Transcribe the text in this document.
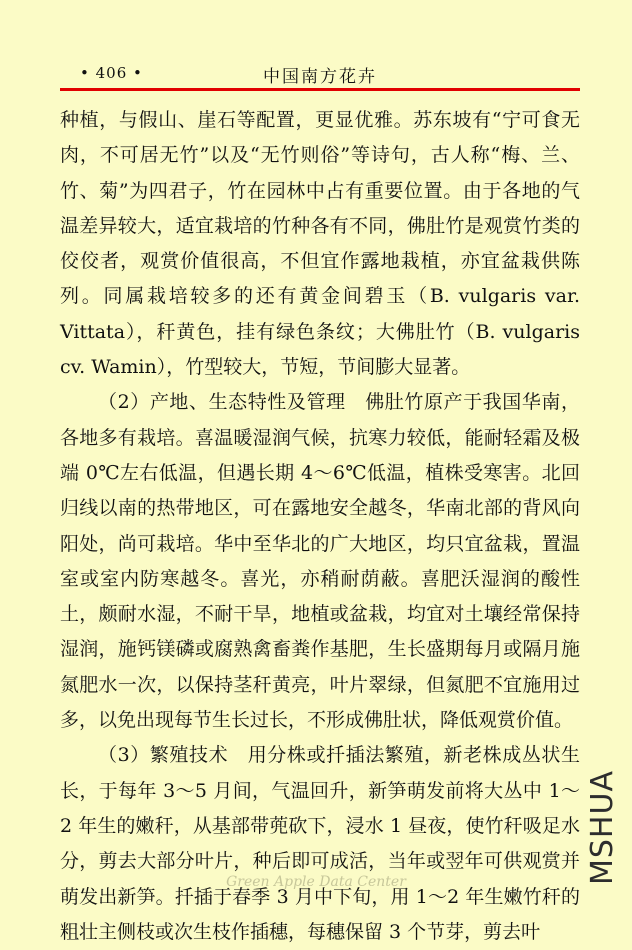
• 406 •	中国南方花卉

种植，与假山、崖石等配置，更显优雅。苏东坡有“宁可食无肉，不可居无竹”以及“无竹则俗”等诗句，古人称“梅、兰、竹、菊”为四君子，竹在园林中占有重要位置。由于各地的气温差异较大，适宜栽培的竹种各有不同，佛肚竹是观赏竹类的佼佼者，观赏价值很高，不但宜作露地栽植，亦宜盆栽供陈列。同属栽培较多的还有黄金间碧玉（B. vulgaris var. Vittata），秆黄色，挂有绿色条纹；大佛肚竹（B. vulgaris cv. Wamin），竹型较大，节短，节间膨大显著。

（2）产地、生态特性及管理　佛肚竹原产于我国华南，各地多有栽培。喜温暖湿润气候，抗寒力较低，能耐轻霜及极端 0℃左右低温，但遇长期 4～6℃低温，植株受寒害。北回归线以南的热带地区，可在露地安全越冬，华南北部的背风向阳处，尚可栽培。华中至华北的广大地区，均只宜盆栽，置温室或室内防寒越冬。喜光，亦稍耐荫蔽。喜肥沃湿润的酸性土，颇耐水湿，不耐干旱，地植或盆栽，均宜对土壤经常保持湿润，施钙镁磷或腐熟禽畜粪作基肥，生长盛期每月或隔月施氮肥水一次，以保持茎秆黄亮，叶片翠绿，但氮肥不宜施用过多，以免出现每节生长过长，不形成佛肚状，降低观赏价值。

（3）繁殖技术　用分株或扦插法繁殖，新老株成丛状生长，于每年 3～5 月间，气温回升，新笋萌发前将大丛中 1～2 年生的嫩秆，从基部带蔸砍下，浸水 1 昼夜，使竹秆吸足水分，剪去大部分叶片，种后即可成活，当年或翌年可供观赏并萌发出新笋。扦插于春季 3 月中下旬，用 1～2 年生嫩竹秆的粗壮主侧枝或次生枝作插穗，每穗保留 3 个节芽，剪去叶

Green Apple Data Center	MSHUA
